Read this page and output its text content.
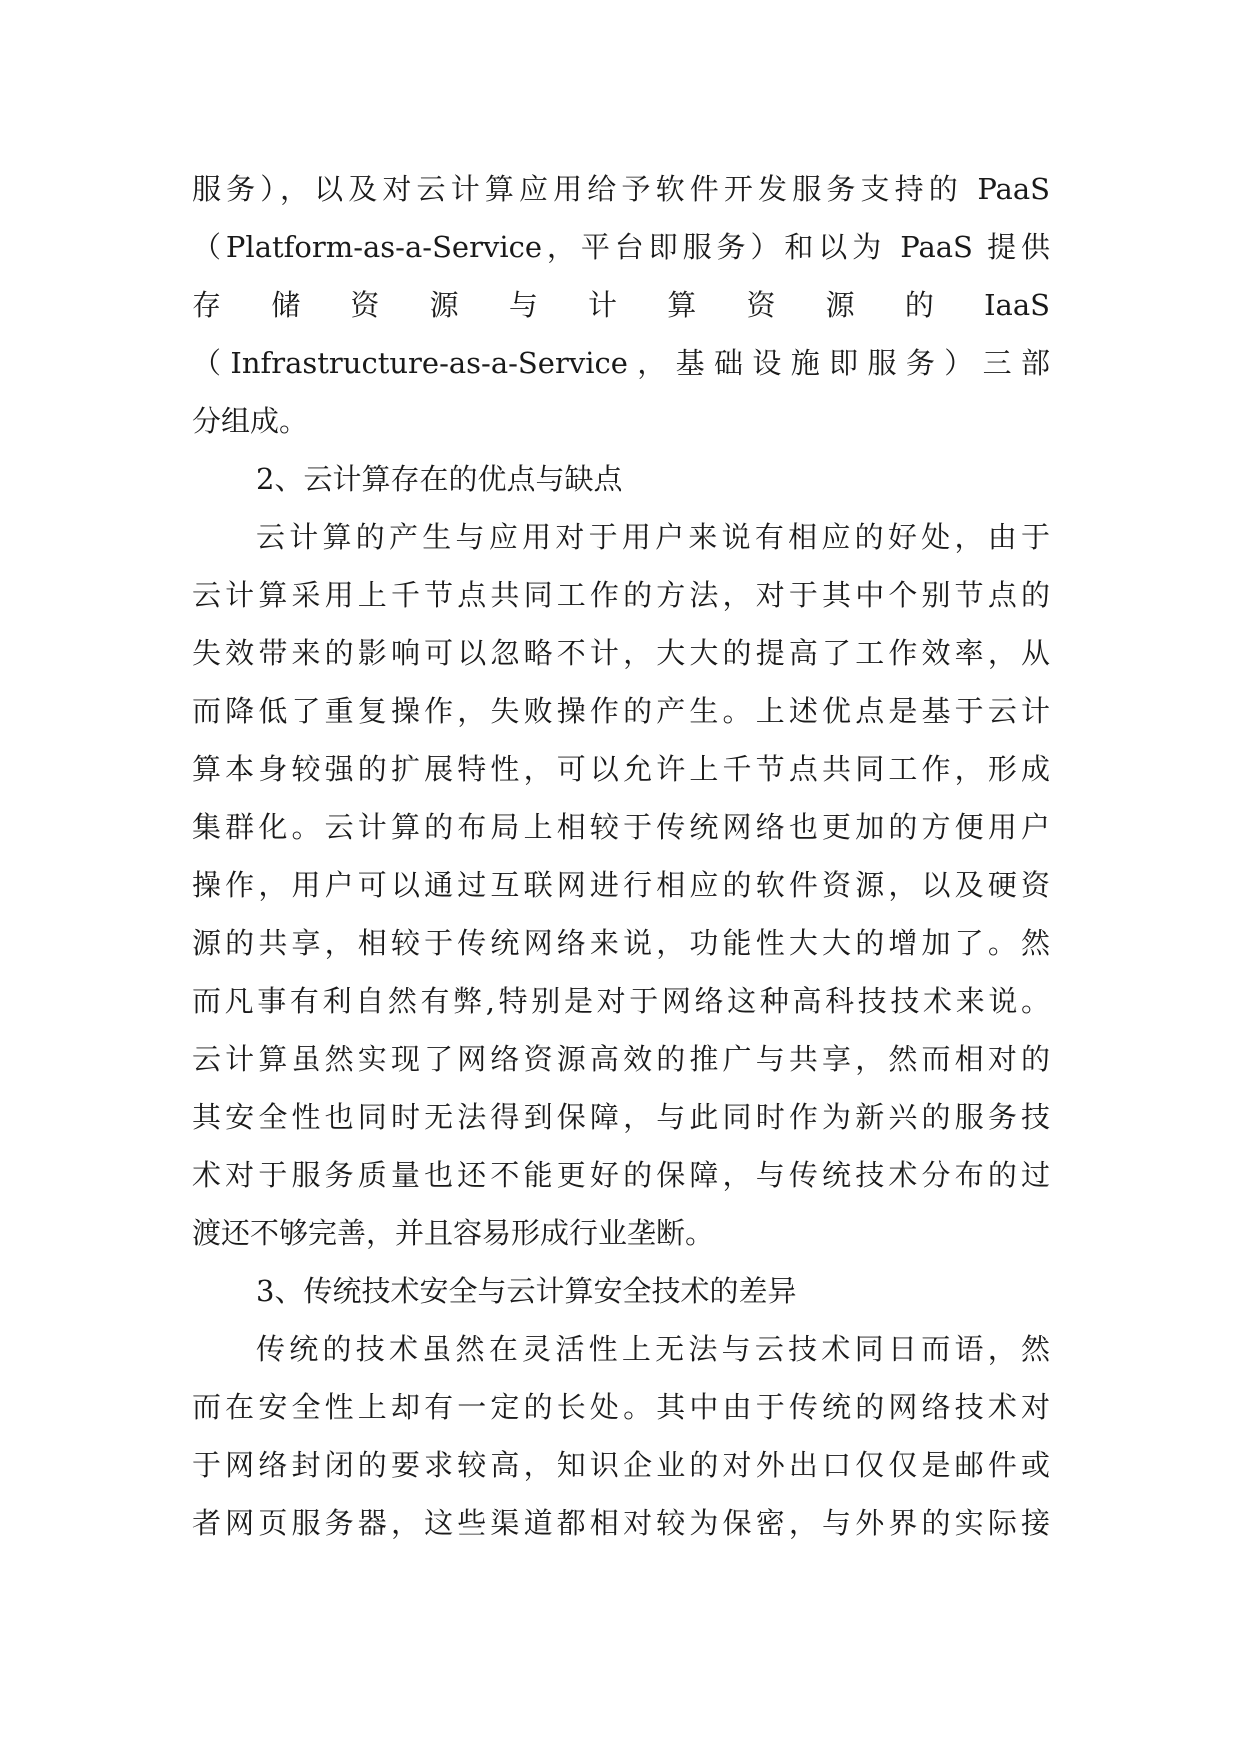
服务），以及对云计算应用给予软件开发服务支持的 PaaS
（Platform-as-a-Service，平台即服务）和以为 PaaS 提供
存 储 资 源 与 计 算 资 源 的 IaaS
（Infrastructure-as-a-Service，基础设施即服务）三部
分组成。
2、云计算存在的优点与缺点
云计算的产生与应用对于用户来说有相应的好处，由于
云计算采用上千节点共同工作的方法，对于其中个别节点的
失效带来的影响可以忽略不计，大大的提高了工作效率，从
而降低了重复操作，失败操作的产生。上述优点是基于云计
算本身较强的扩展特性，可以允许上千节点共同工作，形成
集群化。云计算的布局上相较于传统网络也更加的方便用户
操作，用户可以通过互联网进行相应的软件资源，以及硬资
源的共享，相较于传统网络来说，功能性大大的增加了。然
而凡事有利自然有弊,特别是对于网络这种高科技技术来说。
云计算虽然实现了网络资源高效的推广与共享，然而相对的
其安全性也同时无法得到保障，与此同时作为新兴的服务技
术对于服务质量也还不能更好的保障，与传统技术分布的过
渡还不够完善，并且容易形成行业垄断。
3、传统技术安全与云计算安全技术的差异
传统的技术虽然在灵活性上无法与云技术同日而语，然
而在安全性上却有一定的长处。其中由于传统的网络技术对
于网络封闭的要求较高，知识企业的对外出口仅仅是邮件或
者网页服务器，这些渠道都相对较为保密，与外界的实际接
